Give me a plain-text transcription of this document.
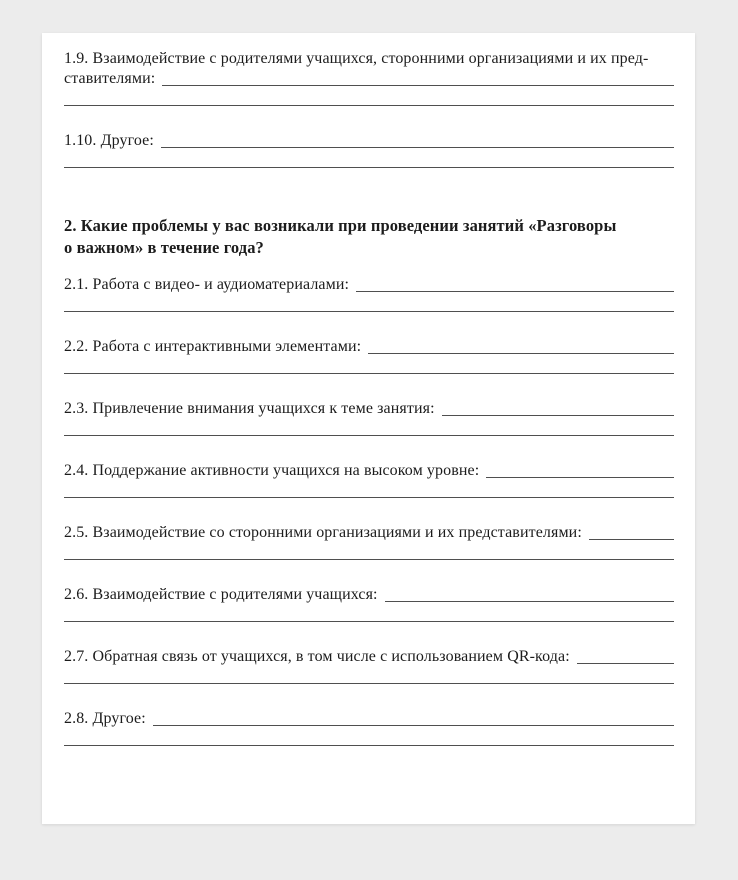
1.9. Взаимодействие с родителями учащихся, сторонними организациями и их пред-
ставителями:
1.10. Другое:
2. Какие проблемы у вас возникали при проведении занятий «Разговоры
о важном» в течение года?
2.1. Работа с видео- и аудиоматериалами:
2.2. Работа с интерактивными элементами:
2.3. Привлечение внимания учащихся к теме занятия:
2.4. Поддержание активности учащихся на высоком уровне:
2.5. Взаимодействие со сторонними организациями и их представителями:
2.6. Взаимодействие с родителями учащихся:
2.7. Обратная связь от учащихся, в том числе с использованием QR-кода:
2.8. Другое:
